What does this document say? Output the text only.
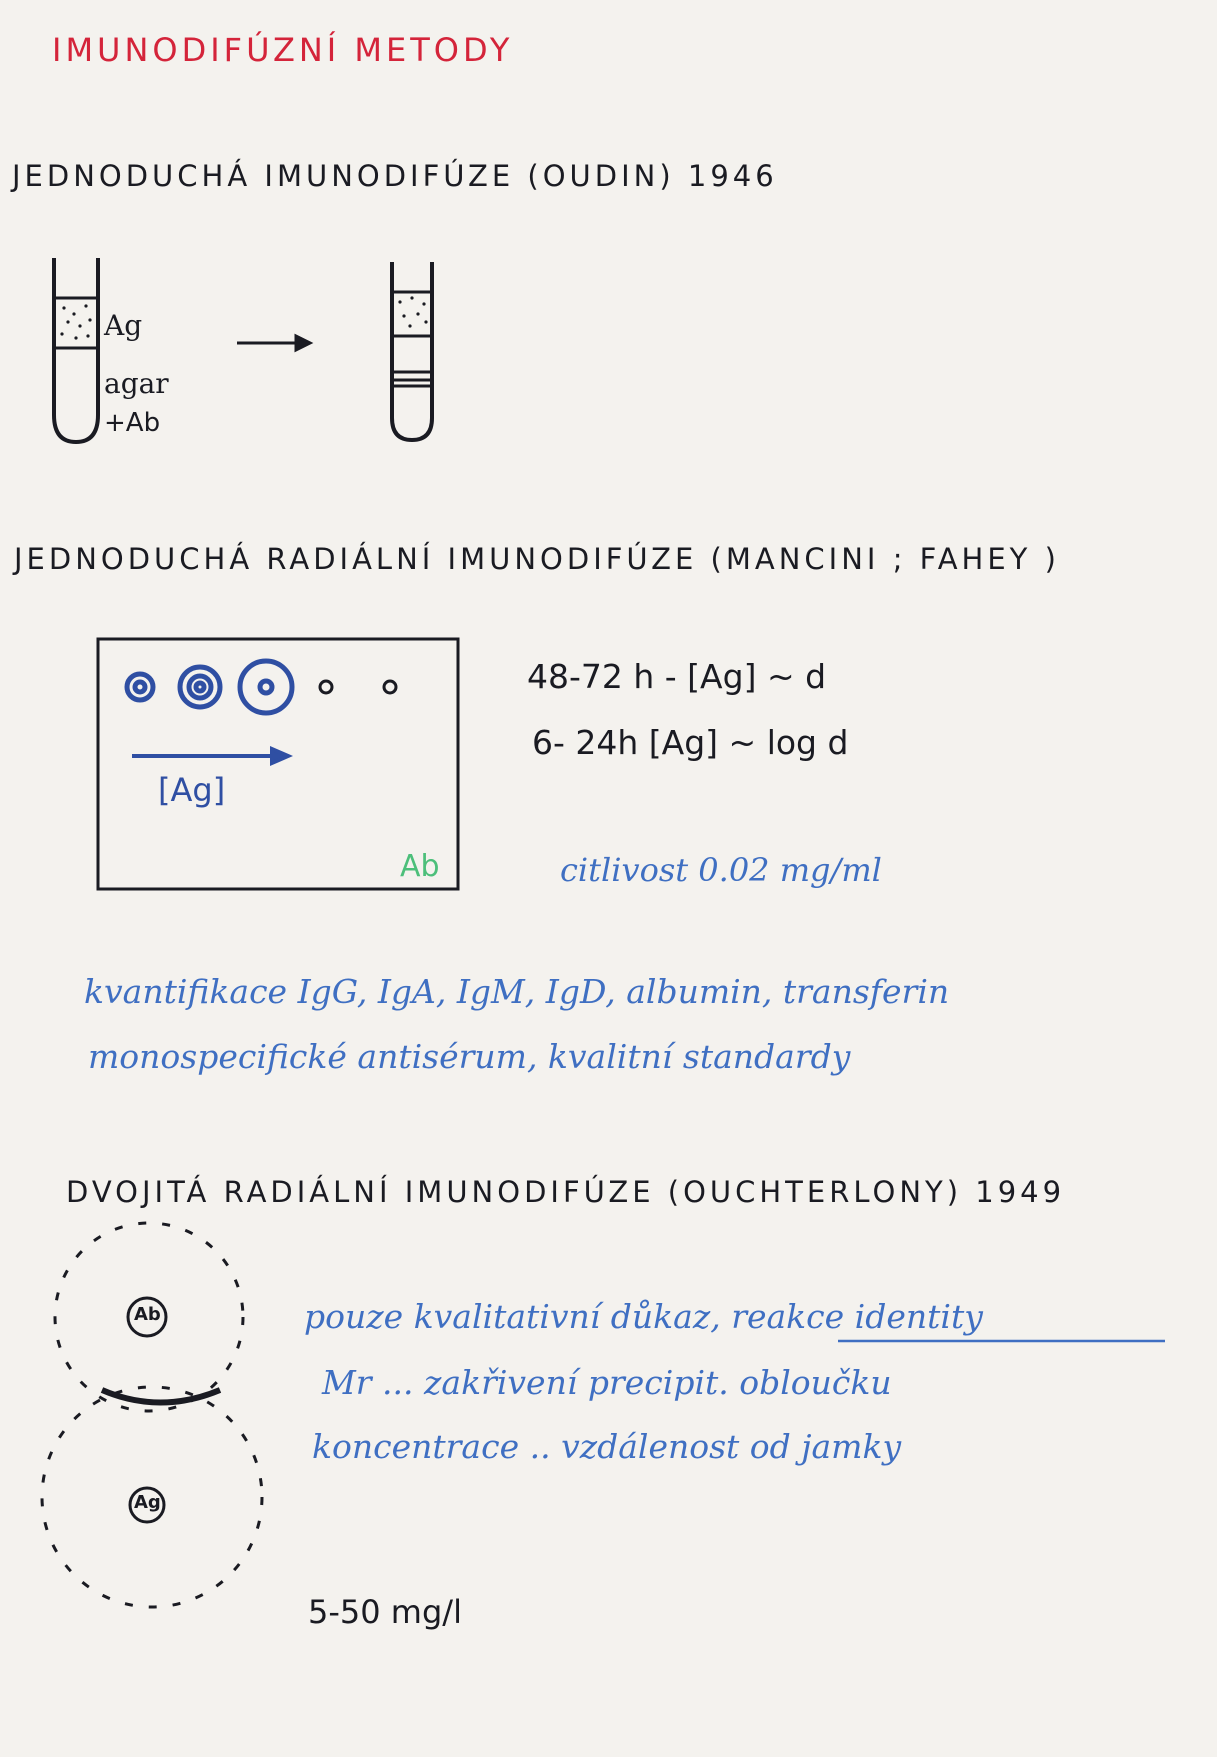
IMUNODIFÚZNÍ METODY
JEDNODUCHÁ IMUNODIFÚZE (OUDIN) 1946
Ag
agar
+Ab
JEDNODUCHÁ RADIÁLNÍ IMUNODIFÚZE (MANCINI ; FAHEY )
[Ag]
Ab
48-72 h - [Ag] ~ d
6- 24h [Ag] ~ log d
citlivost 0.02 mg/ml
kvantifikace IgG, IgA, IgM, IgD, albumin, transferin
monospecifické antisérum, kvalitní standardy
DVOJITÁ RADIÁLNÍ IMUNODIFÚZE (OUCHTERLONY) 1949
Ab
Ag
pouze kvalitativní důkaz, reakce identity
Mr ... zakřivení precipit. obloučku
koncentrace .. vzdálenost od jamky
5-50 mg/l
